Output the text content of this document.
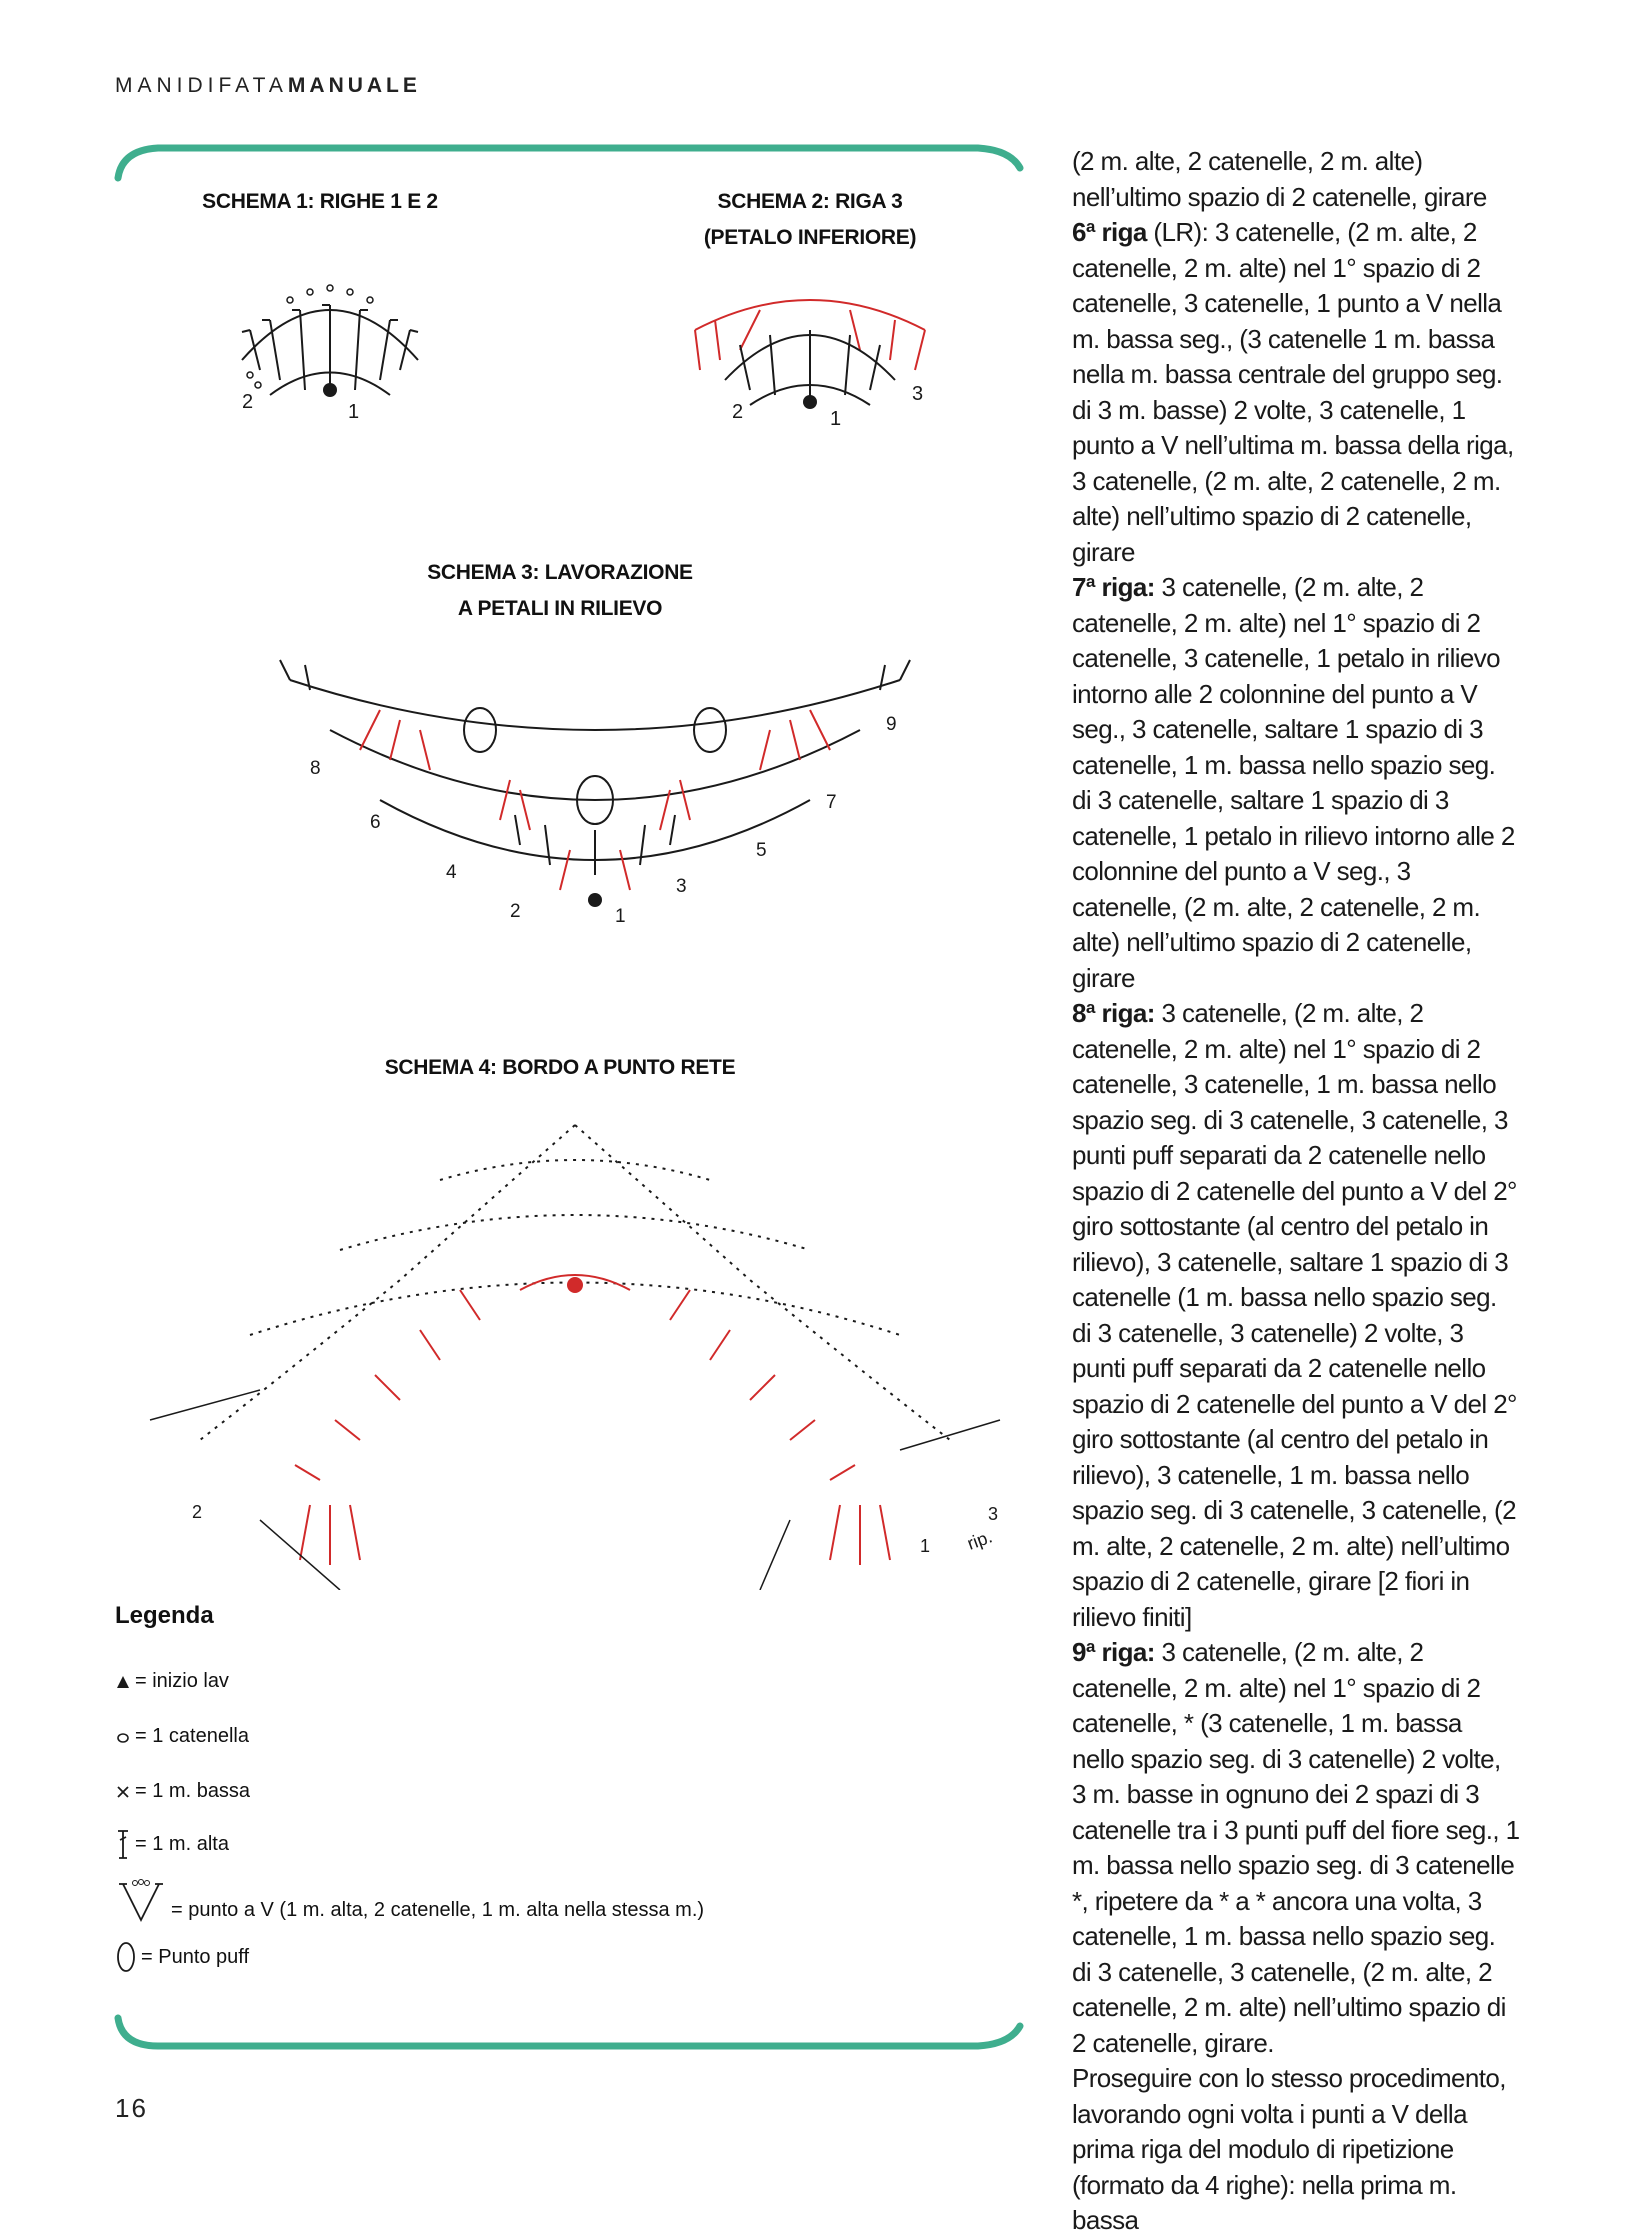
MANIDIFATAMANUALE
SCHEMA 1: RIGHE 1 E 2	SCHEMA 2: RIGA 3
(PETALO INFERIORE)
SCHEMA 3: LAVORAZIONE
A PETALI IN RILIEVO
SCHEMA 4: BORDO A PUNTO RETE
2	1	2	1
3
1
2
3
4
5
6
7
8
9
2
1
3
rip.
Legenda
= inizio lav
= 1 catenella
= 1 m. bassa
= 1 m. alta
= punto a V (1 m. alta, 2 catenelle, 1 m. alta nella stessa m.)
= Punto puff

(2 m. alte, 2 catenelle, 2 m. alte) nell’ultimo spazio di 2 catenelle, girare

6ª riga (LR): 3 catenelle, (2 m. alte, 2 catenelle, 2 m. alte) nel 1° spazio di 2 catenelle, 3 catenelle, 1 punto a V nella m. bassa seg., (3 catenelle 1 m. bassa nella m. bassa centrale del gruppo seg. di 3 m. basse) 2 volte, 3 catenelle, 1 punto a V nell’ultima m. bassa della riga, 3 catenelle, (2 m. alte, 2 catenelle, 2 m. alte) nell’ultimo spazio di 2 catenelle, girare

7ª riga: 3 catenelle, (2 m. alte, 2 catenelle, 2 m. alte) nel 1° spazio di 2 catenelle, 3 catenelle, 1 petalo in rilievo intorno alle 2 colonnine del punto a V seg., 3 catenelle, saltare 1 spazio di 3 catenelle, 1 m. bassa nello spazio seg. di 3 catenelle, saltare 1 spazio di 3 catenelle, 1 petalo in rilievo intorno alle 2 colonnine del punto a V seg., 3 catenelle, (2 m. alte, 2 catenelle, 2 m. alte) nell’ultimo spazio di 2 catenelle, girare

8ª riga: 3 catenelle, (2 m. alte, 2 catenelle, 2 m. alte) nel 1° spazio di 2 catenelle, 3 catenelle, 1 m. bassa nello spazio seg. di 3 catenelle, 3 catenelle, 3 punti puff separati da 2 catenelle nello spazio di 2 catenelle del punto a V del 2° giro sottostante (al centro del petalo in rilievo), 3 catenelle, saltare 1 spazio di 3 catenelle (1 m. bassa nello spazio seg. di 3 catenelle, 3 catenelle) 2 volte, 3 punti puff separati da 2 catenelle nello spazio di 2 catenelle del punto a V del 2° giro sottostante (al centro del petalo in rilievo), 3 catenelle, 1 m. bassa nello spazio seg. di 3 catenelle, 3 catenelle, (2 m. alte, 2 catenelle, 2 m. alte) nell’ultimo spazio di 2 catenelle, girare [2 fiori in rilievo finiti]

9ª riga: 3 catenelle, (2 m. alte, 2 catenelle, 2 m. alte) nel 1° spazio di 2 catenelle, * (3 catenelle, 1 m. bassa nello spazio seg. di 3 catenelle) 2 volte, 3 m. basse in ognuno dei 2 spazi di 3 catenelle tra i 3 punti puff del fiore seg., 1 m. bassa nello spazio seg. di 3 catenelle *, ripetere da * a * ancora una volta, 3 catenelle, 1 m. bassa nello spazio seg. di 3 catenelle, 3 catenelle, (2 m. alte, 2 catenelle, 2 m. alte) nell’ultimo spazio di 2 catenelle, girare.

Proseguire con lo stesso procedimento, lavorando ogni volta i punti a V della prima riga del modulo di ripetizione (formato da 4 righe): nella prima m. bassa

16
